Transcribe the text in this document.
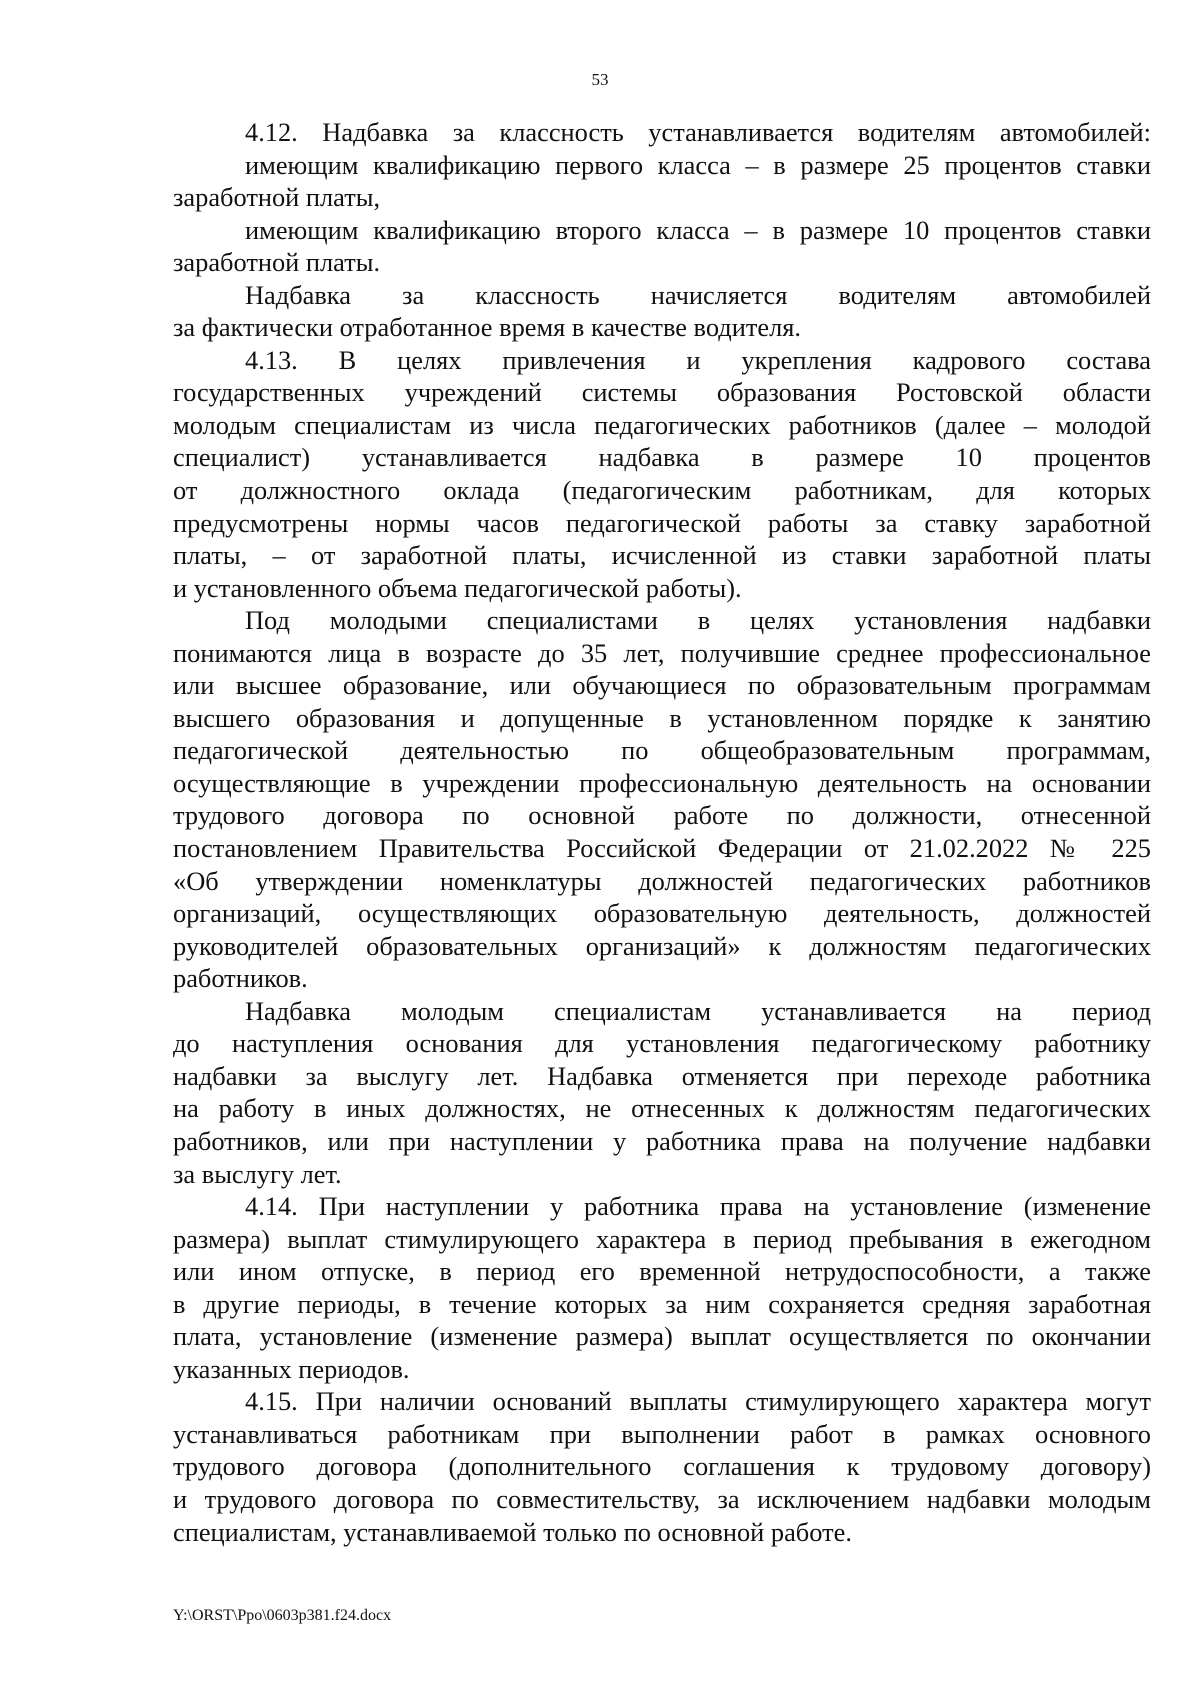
53
4.12. Надбавка за классность устанавливается водителям автомобилей:
имеющим квалификацию первого класса – в размере 25 процентов ставки
заработной платы,
имеющим квалификацию второго класса – в размере 10 процентов ставки
заработной платы.
Надбавка за классность начисляется водителям автомобилей
за фактически отработанное время в качестве водителя.
4.13. В целях привлечения и укрепления кадрового состава
государственных учреждений системы образования Ростовской области
молодым специалистам из числа педагогических работников (далее – молодой
специалист) устанавливается надбавка в размере 10 процентов
от должностного оклада (педагогическим работникам, для которых
предусмотрены нормы часов педагогической работы за ставку заработной
платы, – от заработной платы, исчисленной из ставки заработной платы
и установленного объема педагогической работы).
Под молодыми специалистами в целях установления надбавки
понимаются лица в возрасте до 35 лет, получившие среднее профессиональное
или высшее образование, или обучающиеся по образовательным программам
высшего образования и допущенные в установленном порядке к занятию
педагогической деятельностью по общеобразовательным программам,
осуществляющие в учреждении профессиональную деятельность на основании
трудового договора по основной работе по должности, отнесенной
постановлением Правительства Российской Федерации от 21.02.2022 № 225
«Об утверждении номенклатуры должностей педагогических работников
организаций, осуществляющих образовательную деятельность, должностей
руководителей образовательных организаций» к должностям педагогических
работников.
Надбавка молодым специалистам устанавливается на период
до наступления основания для установления педагогическому работнику
надбавки за выслугу лет. Надбавка отменяется при переходе работника
на работу в иных должностях, не отнесенных к должностям педагогических
работников, или при наступлении у работника права на получение надбавки
за выслугу лет.
4.14. При наступлении у работника права на установление (изменение
размера) выплат стимулирующего характера в период пребывания в ежегодном
или ином отпуске, в период его временной нетрудоспособности, а также
в другие периоды, в течение которых за ним сохраняется средняя заработная
плата, установление (изменение размера) выплат осуществляется по окончании
указанных периодов.
4.15. При наличии оснований выплаты стимулирующего характера могут
устанавливаться работникам при выполнении работ в рамках основного
трудового договора (дополнительного соглашения к трудовому договору)
и трудового договора по совместительству, за исключением надбавки молодым
специалистам, устанавливаемой только по основной работе.
Y:\ORST\Ppo\0603p381.f24.docx
